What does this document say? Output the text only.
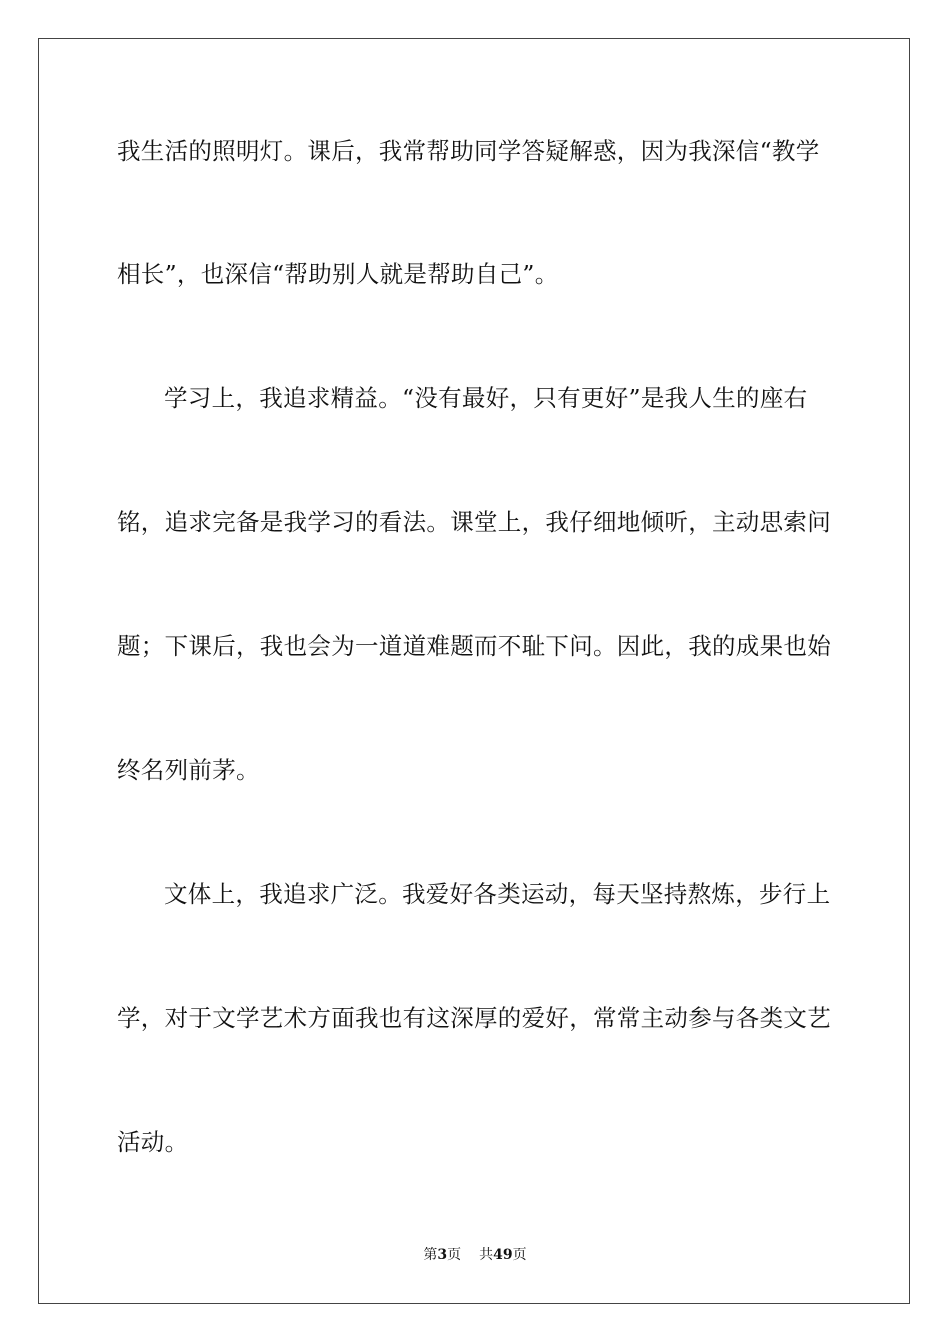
我生活的照明灯。课后，我常帮助同学答疑解惑，因为我深信“教学
相长”，也深信“帮助别人就是帮助自己”。
学习上，我追求精益。“没有最好，只有更好”是我人生的座右
铭，追求完备是我学习的看法。课堂上，我仔细地倾听，主动思索问
题；下课后，我也会为一道道难题而不耻下问。因此，我的成果也始
终名列前茅。
文体上，我追求广泛。我爱好各类运动，每天坚持熬炼，步行上
学，对于文学艺术方面我也有这深厚的爱好，常常主动参与各类文艺
活动。
第3页 共49页
